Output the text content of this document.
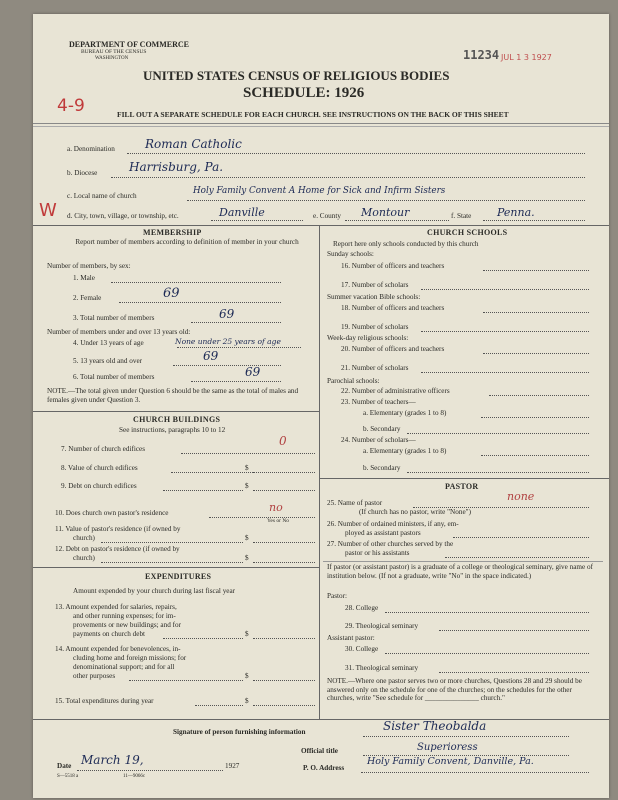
DEPARTMENT OF COMMERCE
BUREAU OF THE CENSUS
WASHINGTON	11234 JUL 1 3 1927
UNITED STATES CENSUS OF RELIGIOUS BODIES
SCHEDULE: 1926
4-9	FILL OUT A SEPARATE SCHEDULE FOR EACH CHURCH. SEE INSTRUCTIONS ON THE BACK OF THIS SHEET
a. Denomination	Roman Catholic
b. Diocese	Harrisburg, Pa.
c. Local name of church	Holy Family Convent A Home for Sick and Infirm Sisters
W d. City, town, village, or township, etc.	Danville	e. County Montour	f. State Penna.
MEMBERSHIP
Report number of members according to definition of member in your church
Number of members, by sex:
1. Male
2. Female	69
3. Total number of members	69
Number of members under and over 13 years old:
4. Under 13 years of age	None under 25 years of age
5. 13 years old and over	69
6. Total number of members	69
NOTE.—The total given under Question 6 should be the same as the total of males and females given under Question 3.
CHURCH BUILDINGS
See instructions, paragraphs 10 to 12
7. Number of church edifices
0
8. Value of church edifices	$
9. Debt on church edifices	$
10. Does church own pastor's residence	no
Yes or No
11. Value of pastor's residence (if owned by
church)	$
12. Debt on pastor's residence (if owned by
church)	$
EXPENDITURES
Amount expended by your church during last fiscal year
13. Amount expended for salaries, repairs,
and other running expenses; for im-
provements or new buildings; and for
payments on church debt	$
14. Amount expended for benevolences, in-
cluding home and foreign missions; for
denominational support; and for all
other purposes	$
15. Total expenditures during year	$
CHURCH SCHOOLS
Report here only schools conducted by this church
Sunday schools:
16. Number of officers and teachers
17. Number of scholars
Summer vacation Bible schools:
18. Number of officers and teachers
19. Number of scholars
Week-day religious schools:
20. Number of officers and teachers
21. Number of scholars
Parochial schools:
22. Number of administrative officers
23. Number of teachers—
a. Elementary (grades 1 to 8)
b. Secondary
24. Number of scholars—
a. Elementary (grades 1 to 8)
b. Secondary
PASTOR
25. Name of pastor	none
(If church has no pastor, write "None")
26. Number of ordained ministers, if any, em-
ployed as assistant pastors
27. Number of other churches served by the
pastor or his assistants
If pastor (or assistant pastor) is a graduate of a college or theological seminary, give name of institution below. (If not a graduate, write "No" in the space indicated.)
Pastor:
28. College
29. Theological seminary
Assistant pastor:
30. College
31. Theological seminary
NOTE.—Where one pastor serves two or more churches, Questions 28 and 29 should be answered only on the schedule for one of the churches; on the schedules for the other churches, write "See schedule for _______________ church."
Signature of person furnishing information	Sister Theobalda
Official title	Superioress
Date March 19,	1927	P. O. Address
Holy Family Convent, Danville, Pa.
S—5518 a	11—9066c
